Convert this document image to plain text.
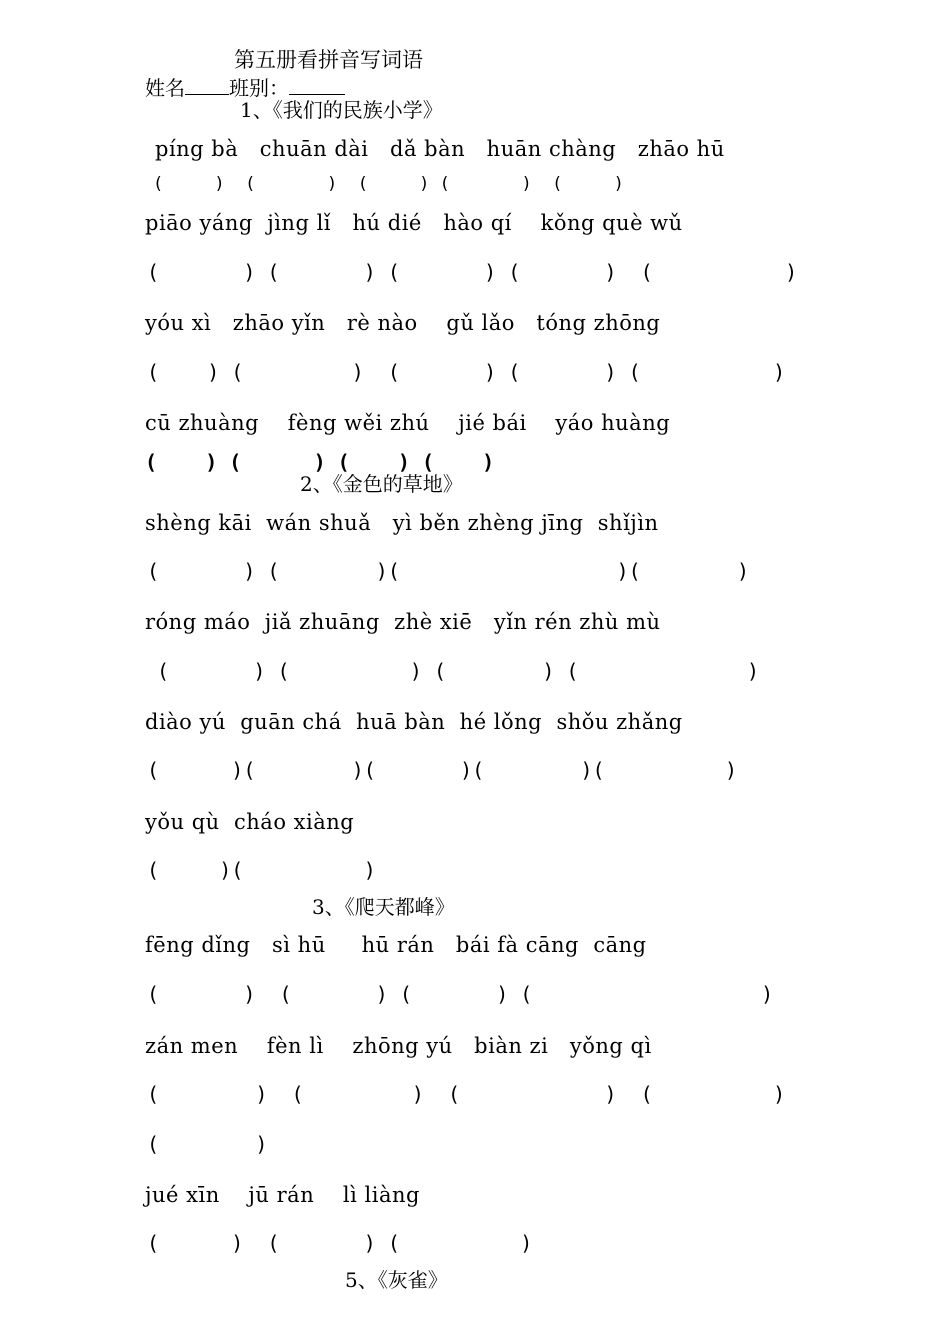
第五册看拼音写词语
姓名 班别：
1、《我们的民族小学》
píng bà   chuān dài   dǎ bàn   huān chàng   zhāo hū
(     )  (       )  (     ) (       )  (     )
piāo yáng  jìng lǐ   hú dié   hào qí    kǒng què wǔ
(       ) (       ) (       ) (       )  (           )
yóu xì   zhāo yǐn   rè nào    gǔ lǎo   tóng zhōng
(    ) (         )  (       ) (       ) (           )
cū zhuàng    fèng wěi zhú    jié bái    yáo huàng
(    ) (      ) (    ) (    )
2、《金色的草地》
shèng kāi  wán shuǎ   yì běn zhèng jīng  shǐjìn
(       ) (        )(                  )(        )
róng máo  jiǎ zhuāng  zhè xiē   yǐn rén zhù mù
(       ) (          ) (        ) (              )
diào yú  guān chá  huā bàn  hé lǒng  shǒu zhǎng
(      )(        )(       )(        )(          )
yǒu qù  cháo xiàng
(     )(          )
3、《爬天都峰》
fēng dǐng   sì hū     hū rán   bái fà cāng  cāng
(       )  (       ) (       ) (                   )
zán men    fèn lì    zhōng yú   biàn zi   yǒng qì
(        )  (         )  (            )  (          )
(        )
jué xīn    jū rán    lì liàng
(      )  (       ) (          )
5、《灰雀》
